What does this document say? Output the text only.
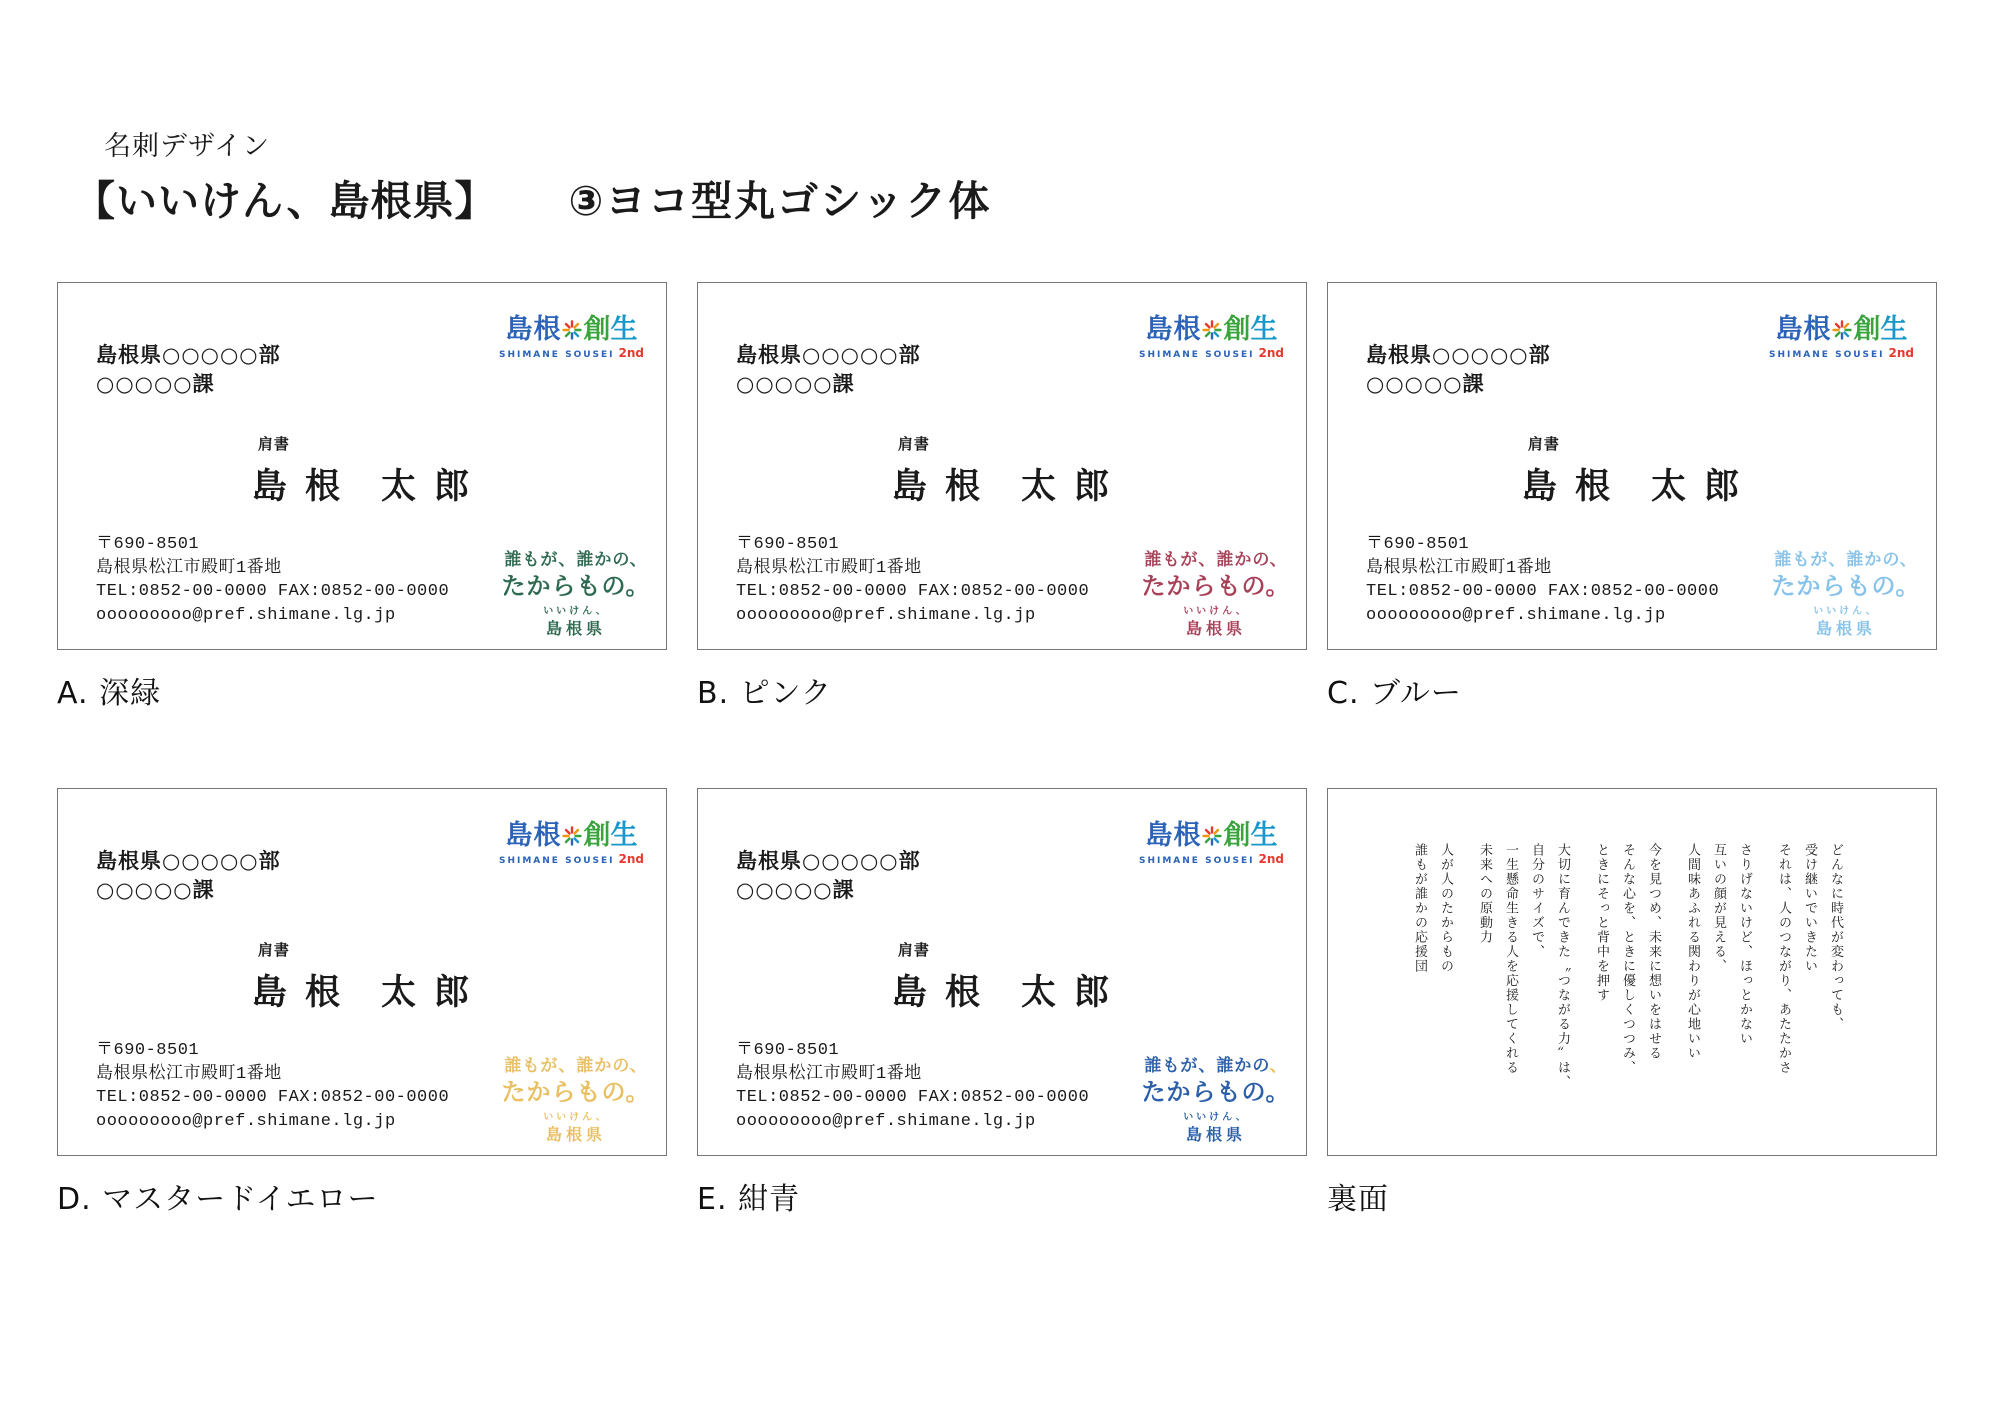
名刺デザイン
【いいけん、島根県】 ③ヨコ型丸ゴシック体
島根県○○○○○部
○○○○○課
島根 創 生
SHIMANE SOUSEI 2nd
肩書
島 根　太 郎
〒690-8501
島根県松江市殿町1番地
TEL:0852-00-0000 FAX:0852-00-0000
ooooooooo@pref.shimane.lg.jp
誰もが、誰かの、
たからもの。
いいけん、
島根県
島根県○○○○○部
○○○○○課
島根 創 生
SHIMANE SOUSEI 2nd
肩書
島 根　太 郎
〒690-8501
島根県松江市殿町1番地
TEL:0852-00-0000 FAX:0852-00-0000
ooooooooo@pref.shimane.lg.jp
誰もが、誰かの、
たからもの。
いいけん、
島根県
島根県○○○○○部
○○○○○課
島根 創 生
SHIMANE SOUSEI 2nd
肩書
島 根　太 郎
〒690-8501
島根県松江市殿町1番地
TEL:0852-00-0000 FAX:0852-00-0000
ooooooooo@pref.shimane.lg.jp
誰もが、誰かの、
たからもの。
いいけん、
島根県
島根県○○○○○部
○○○○○課
島根 創 生
SHIMANE SOUSEI 2nd
肩書
島 根　太 郎
〒690-8501
島根県松江市殿町1番地
TEL:0852-00-0000 FAX:0852-00-0000
ooooooooo@pref.shimane.lg.jp
誰もが、誰かの、
たからもの。
いいけん、
島根県
島根県○○○○○部
○○○○○課
島根 創 生
SHIMANE SOUSEI 2nd
肩書
島 根　太 郎
〒690-8501
島根県松江市殿町1番地
TEL:0852-00-0000 FAX:0852-00-0000
ooooooooo@pref.shimane.lg.jp
誰もが、誰かの、
たからもの。
いいけん、
島根県
どんなに時代が変わっても、
受け継いでいきたい
それは、人のつながり、あたたかさ
さりげないけど、ほっとかない
互いの顔が見える、
人間味あふれる関わりが心地いい
今を見つめ、未来に想いをはせる
そんな心を、ときに優しくつつみ、
ときにそっと背中を押す
大切に育んできた〝つながる力〟は、
自分のサイズで、
一生懸命生きる人を応援してくれる
未来への原動力
人が人のたからもの
誰もが誰かの応援団
A. 深緑	B. ピンク	C. ブルー
D. マスタードイエロー	E. 紺青	裏面
